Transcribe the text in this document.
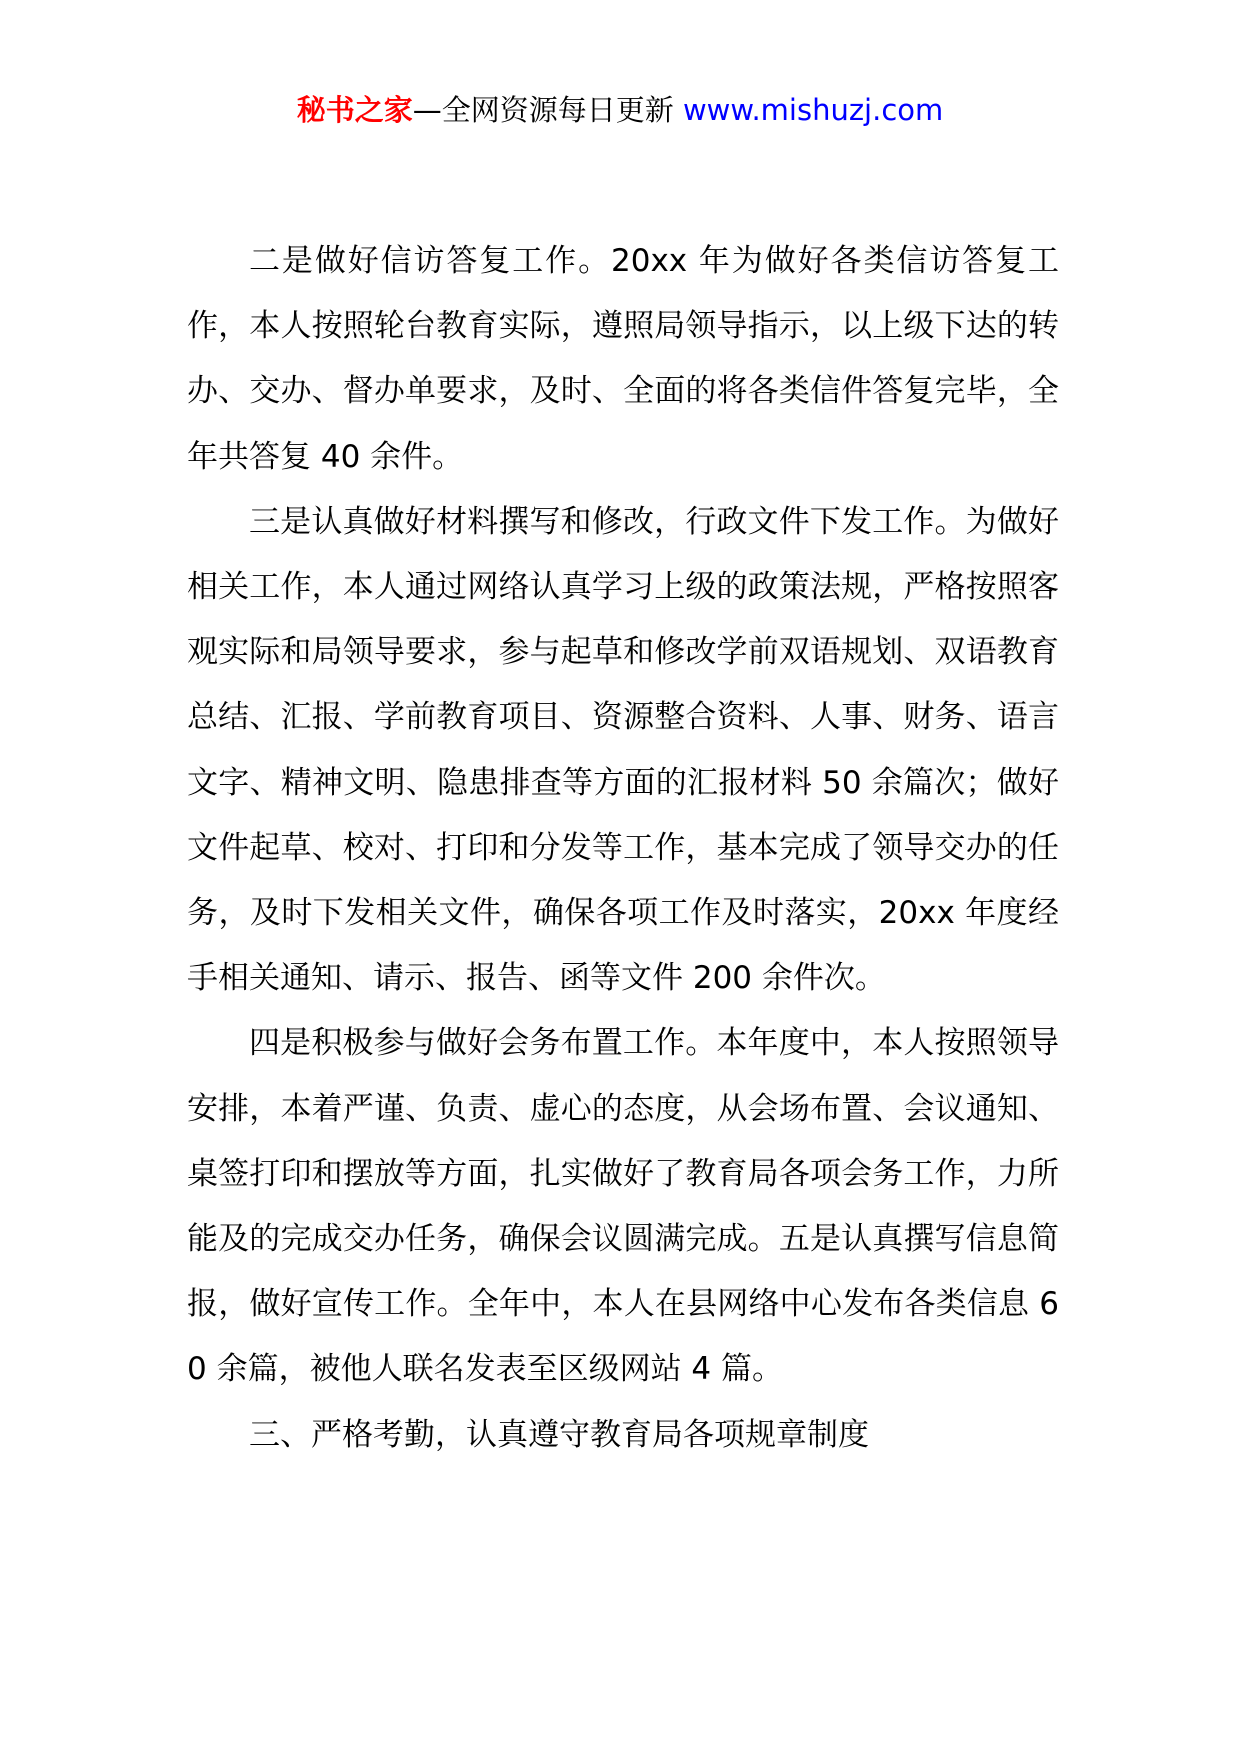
秘书之家—全网资源每日更新 www.mishuzj.com

二是做好信访答复工作。20xx 年为做好各类信访答复工作，本人按照轮台教育实际，遵照局领导指示，以上级下达的转办、交办、督办单要求，及时、全面的将各类信件答复完毕，全年共答复 40 余件。

三是认真做好材料撰写和修改，行政文件下发工作。为做好相关工作，本人通过网络认真学习上级的政策法规，严格按照客观实际和局领导要求，参与起草和修改学前双语规划、双语教育总结、汇报、学前教育项目、资源整合资料、人事、财务、语言文字、精神文明、隐患排查等方面的汇报材料 50 余篇次；做好文件起草、校对、打印和分发等工作，基本完成了领导交办的任务，及时下发相关文件，确保各项工作及时落实，20xx 年度经手相关通知、请示、报告、函等文件 200 余件次。

四是积极参与做好会务布置工作。本年度中，本人按照领导安排，本着严谨、负责、虚心的态度，从会场布置、会议通知、桌签打印和摆放等方面，扎实做好了教育局各项会务工作，力所能及的完成交办任务，确保会议圆满完成。五是认真撰写信息简报，做好宣传工作。全年中，本人在县网络中心发布各类信息 60 余篇，被他人联名发表至区级网站 4 篇。

三、严格考勤，认真遵守教育局各项规章制度
